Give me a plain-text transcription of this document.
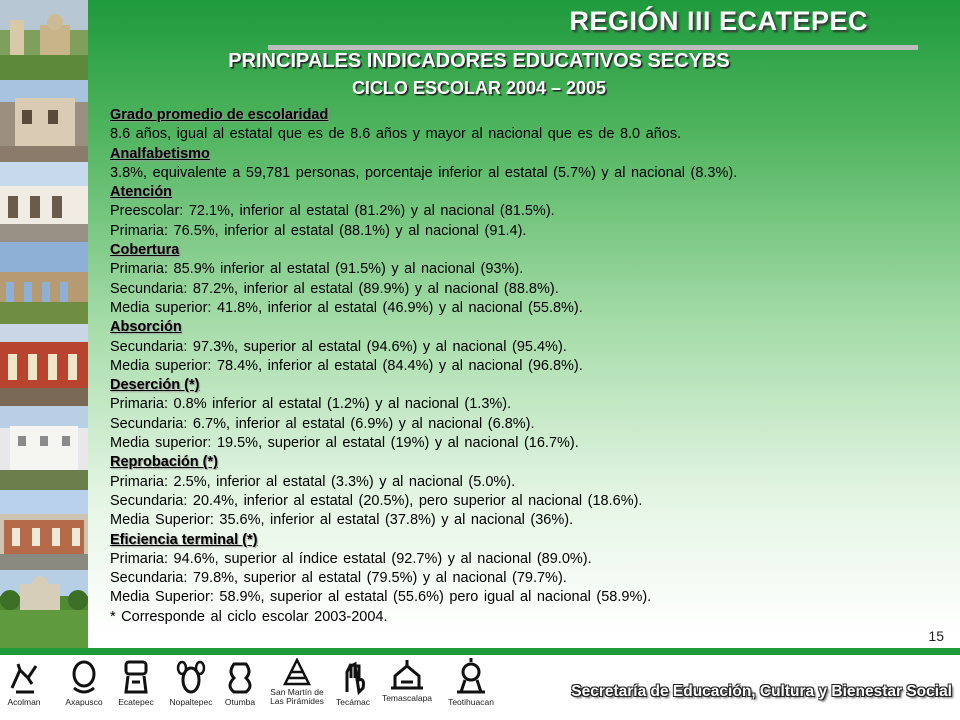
REGIÓN III ECATEPEC
PRINCIPALES INDICADORES EDUCATIVOS SECYBS
CICLO ESCOLAR 2004 – 2005
Grado promedio de escolaridad
8.6 años, igual al estatal que es de 8.6 años y mayor al nacional que es de 8.0 años.
Analfabetismo
3.8%, equivalente a 59,781 personas, porcentaje inferior al estatal (5.7%) y al nacional (8.3%).
Atención
Preescolar: 72.1%, inferior al estatal (81.2%) y al nacional (81.5%).
Primaria: 76.5%, inferior al estatal (88.1%) y al nacional (91.4).
Cobertura
Primaria: 85.9% inferior al estatal (91.5%) y al nacional (93%).
Secundaria: 87.2%, inferior al estatal (89.9%) y al nacional (88.8%).
Media superior: 41.8%, inferior al estatal (46.9%) y al nacional (55.8%).
Absorción
Secundaria: 97.3%, superior al estatal (94.6%) y al nacional (95.4%).
Media superior: 78.4%, inferior al estatal (84.4%) y al nacional (96.8%).
Deserción (*)
Primaria: 0.8% inferior al estatal (1.2%) y al nacional (1.3%).
Secundaria: 6.7%, inferior al estatal (6.9%) y al nacional (6.8%).
Media superior: 19.5%, superior al estatal (19%) y al nacional (16.7%).
Reprobación (*)
Primaria: 2.5%, inferior al estatal (3.3%) y al nacional (5.0%).
Secundaria: 20.4%, inferior al estatal (20.5%), pero superior al nacional (18.6%).
Media Superior: 35.6%, inferior al estatal (37.8%) y al nacional (36%).
Eficiencia terminal (*)
Primaria: 94.6%, superior al índice estatal (92.7%) y al nacional (89.0%).
Secundaria: 79.8%, superior al estatal (79.5%) y al nacional (79.7%).
Media Superior: 58.9%, superior al estatal (55.6%) pero igual al nacional (58.9%).
* Corresponde al ciclo escolar 2003-2004.
15
Acolman	Axapusco	Ecatepec	Nopaltepec	Otumba
San Martín de
Las Pirámides	Tecámac	Temascalapa	Teotihuacan
Secretaría de Educación, Cultura y Bienestar Social
